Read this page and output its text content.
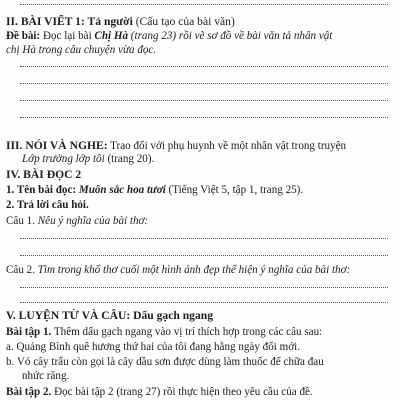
II. BÀI VIẾT 1: Tả người (Cấu tạo của bài văn)
Đề bài: Đọc lại bài Chị Hà (trang 23) rồi vẽ sơ đồ về bài văn tả nhân vật
chị Hà trong câu chuyện vừa đọc.
III. NÓI VÀ NGHE: Trao đổi với phụ huynh về một nhân vật trong truyện
Lớp trưởng lớp tôi (trang 20).
IV. BÀI ĐỌC 2
1. Tên bài đọc: Muôn sắc hoa tươi (Tiếng Việt 5, tập 1, trang 25).
2. Trả lời câu hỏi.
Câu 1. Nêu ý nghĩa của bài thơ:
Câu 2. Tìm trong khổ thơ cuối một hình ảnh đẹp thể hiện ý nghĩa của bài thơ:
V. LUYỆN TỪ VÀ CÂU: Dấu gạch ngang
Bài tập 1. Thêm dấu gạch ngang vào vị trí thích hợp trong các câu sau:
a. Quảng Bình quê hương thứ hai của tôi đang hằng ngày đổi mới.
b. Vỏ cây trẩu còn gọi là cây dầu sơn được dùng làm thuốc để chữa đau
nhức răng.
Bài tập 2. Đọc bài tập 2 (trang 27) rồi thực hiện theo yêu cầu của đề.
